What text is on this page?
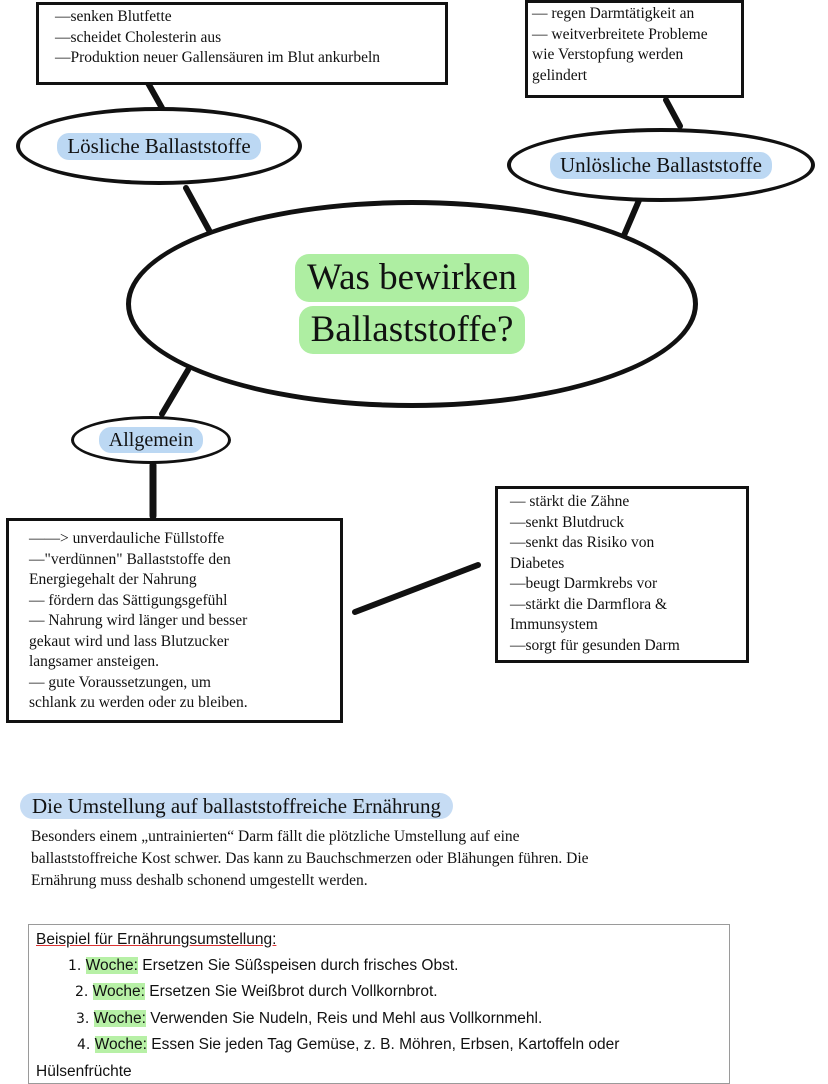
—senken Blutfette
—scheidet Cholesterin aus
—Produktion neuer Gallensäuren im Blut ankurbeln
— regen Darmtätigkeit an
— weitverbreitete Probleme
wie Verstopfung werden
gelindert
Lösliche Ballaststoffe
Unlösliche Ballaststoffe
Was bewirken
Ballaststoffe?
Allgemein
——> unverdauliche Füllstoffe
—"verdünnen" Ballaststoffe den
Energiegehalt der Nahrung
— fördern das Sättigungsgefühl
— Nahrung wird länger und besser
gekaut wird und lass Blutzucker
langsamer ansteigen.
— gute Voraussetzungen, um
schlank zu werden oder zu bleiben.
— stärkt die Zähne
—senkt Blutdruck
—senkt das Risiko von
Diabetes
—beugt Darmkrebs vor
—stärkt die Darmflora &
Immunsystem
—sorgt für gesunden Darm
Die Umstellung auf ballaststoffreiche Ernährung
Besonders einem „untrainierten“ Darm fällt die plötzliche Umstellung auf eine
ballaststoffreiche Kost schwer. Das kann zu Bauchschmerzen oder Blähungen führen. Die
Ernährung muss deshalb schonend umgestellt werden.
Beispiel für Ernährungsumstellung:
1. Woche: Ersetzen Sie Süßspeisen durch frisches Obst.
2. Woche: Ersetzen Sie Weißbrot durch Vollkornbrot.
3. Woche: Verwenden Sie Nudeln, Reis und Mehl aus Vollkornmehl.
4. Woche: Essen Sie jeden Tag Gemüse, z. B. Möhren, Erbsen, Kartoffeln oder
Hülsenfrüchte
